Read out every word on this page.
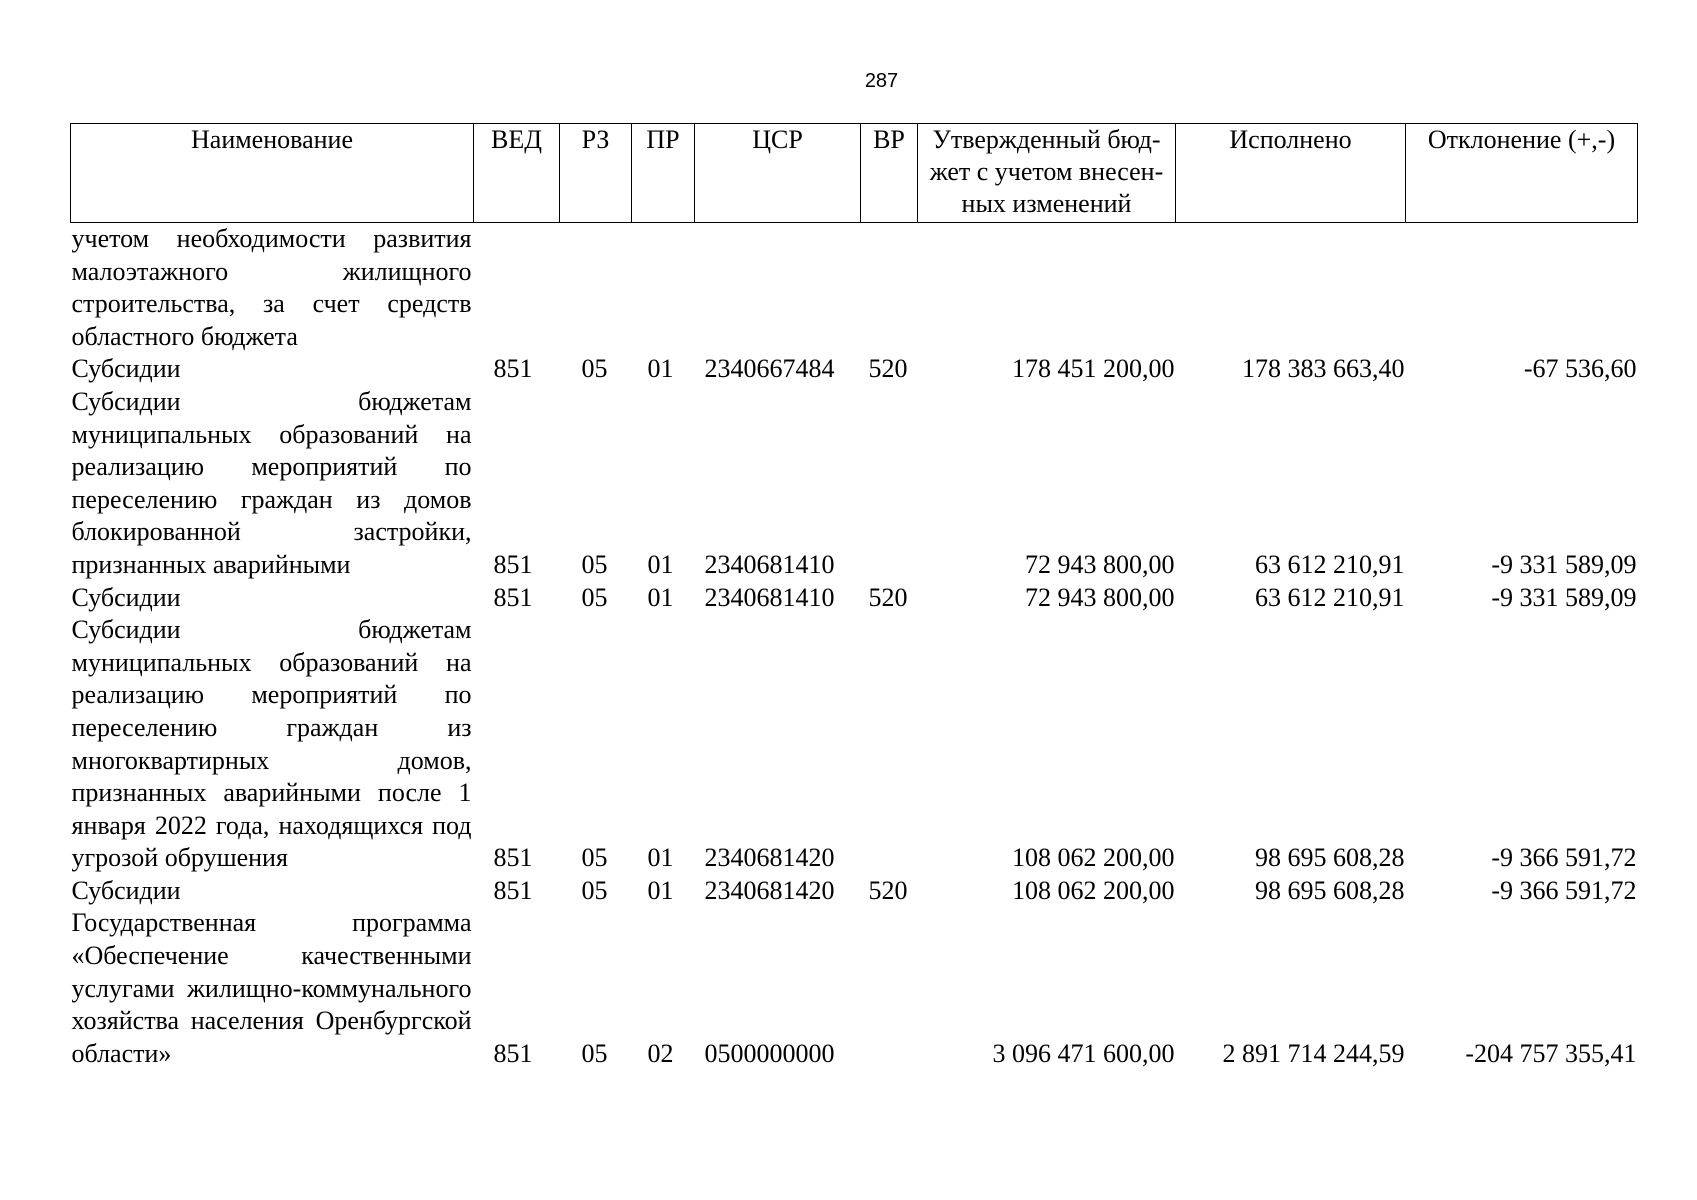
287
Наименование	ВЕД	РЗ	ПР	ЦСР	ВР	Утвержденный бюд-жет с учетом внесен-ных изменений	Исполнено	Отклонение (+,-)
учетом необходимости развития малоэтажного жилищного строительства, за счет средств областного бюджета								
Субсидии	851	05	01	2340667484	520	178 451 200,00	178 383 663,40	-67 536,60
Субсидии бюджетам муниципальных образований на реализацию мероприятий по переселению граждан из домов блокированной застройки, признанных аварийными	851	05	01	2340681410		72 943 800,00	63 612 210,91	-9 331 589,09
Субсидии	851	05	01	2340681410	520	72 943 800,00	63 612 210,91	-9 331 589,09
Субсидии бюджетам муниципальных образований на реализацию мероприятий по переселению граждан из многоквартирных домов, признанных аварийными после 1 января 2022 года, находящихся под угрозой обрушения	851	05	01	2340681420		108 062 200,00	98 695 608,28	-9 366 591,72
Субсидии	851	05	01	2340681420	520	108 062 200,00	98 695 608,28	-9 366 591,72
Государственная программа «Обеспечение качественными услугами жилищно-коммунального хозяйства населения Оренбургской области»	851	05	02	0500000000		3 096 471 600,00	2 891 714 244,59	-204 757 355,41
